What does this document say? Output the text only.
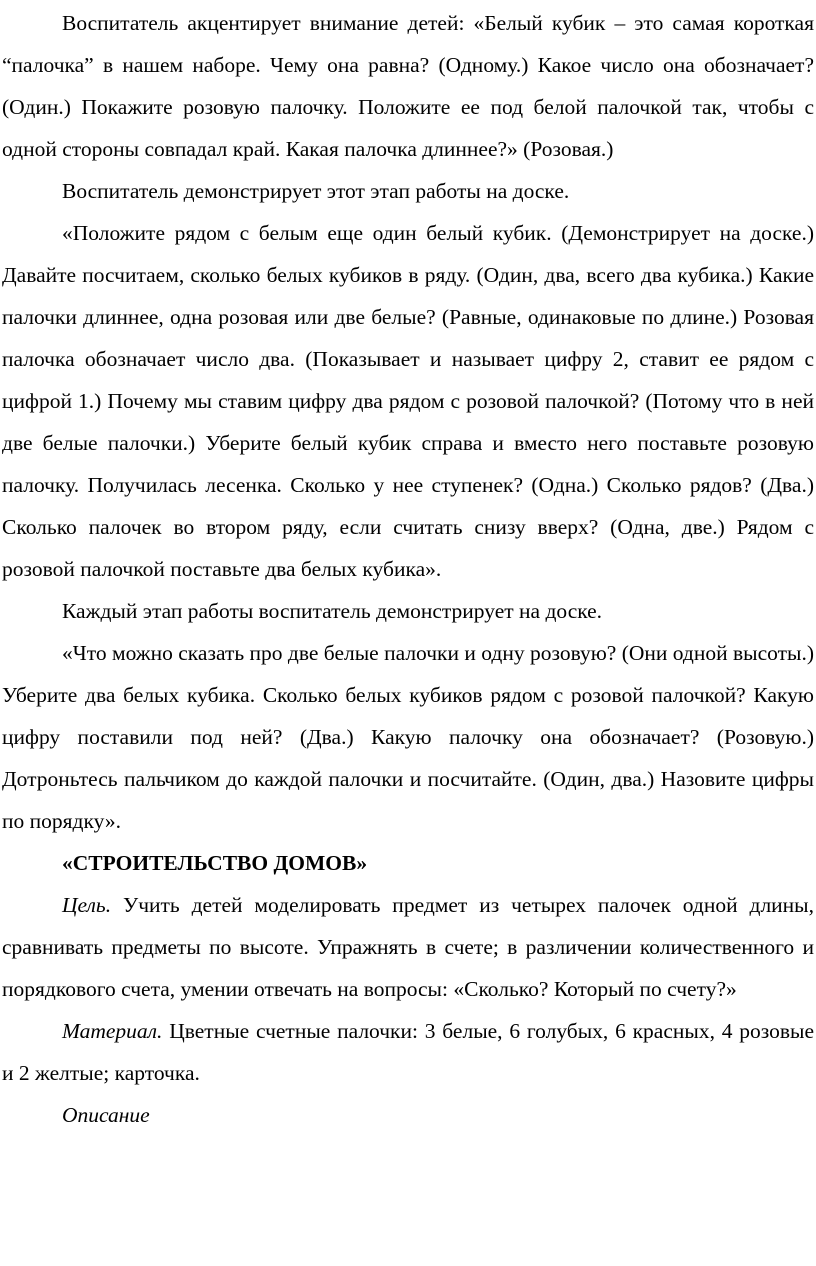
Воспитатель акцентирует внимание детей: «Белый кубик – это самая короткая “палочка” в нашем наборе. Чему она равна? (Одному.) Какое число она обозначает? (Один.) Покажите розовую палочку. Положите ее под белой палочкой так, чтобы с одной стороны совпадал край. Какая палочка длиннее?» (Розовая.)

Воспитатель демонстрирует этот этап работы на доске.

«Положите рядом с белым еще один белый кубик. (Демонстрирует на доске.) Давайте посчитаем, сколько белых кубиков в ряду. (Один, два, всего два кубика.) Какие палочки длиннее, одна розовая или две белые? (Равные, одинаковые по длине.) Розовая палочка обозначает число два. (Показывает и называет цифру 2, ставит ее рядом с цифрой 1.) Почему мы ставим цифру два рядом с розовой палочкой? (Потому что в ней две белые палочки.) Уберите белый кубик справа и вместо него поставьте розовую палочку. Получилась лесенка. Сколько у нее ступенек? (Одна.) Сколько рядов? (Два.) Сколько палочек во втором ряду, если считать снизу вверх? (Одна, две.) Рядом с розовой палочкой поставьте два белых кубика».

Каждый этап работы воспитатель демонстрирует на доске.

«Что можно сказать про две белые палочки и одну розовую? (Они одной высоты.) Уберите два белых кубика. Сколько белых кубиков рядом с розовой палочкой? Какую цифру поставили под ней? (Два.) Какую палочку она обозначает? (Розовую.) Дотроньтесь пальчиком до каждой палочки и посчитайте. (Один, два.) Назовите цифры по порядку».

«СТРОИТЕЛЬСТВО ДОМОВ»

Цель. Учить детей моделировать предмет из четырех палочек одной длины, сравнивать предметы по высоте. Упражнять в счете; в различении количественного и порядкового счета, умении отвечать на вопросы: «Сколько? Который по счету?»

Материал. Цветные счетные палочки: 3 белые, 6 голубых, 6 красных, 4 розовые и 2 желтые; карточка.

Описание
